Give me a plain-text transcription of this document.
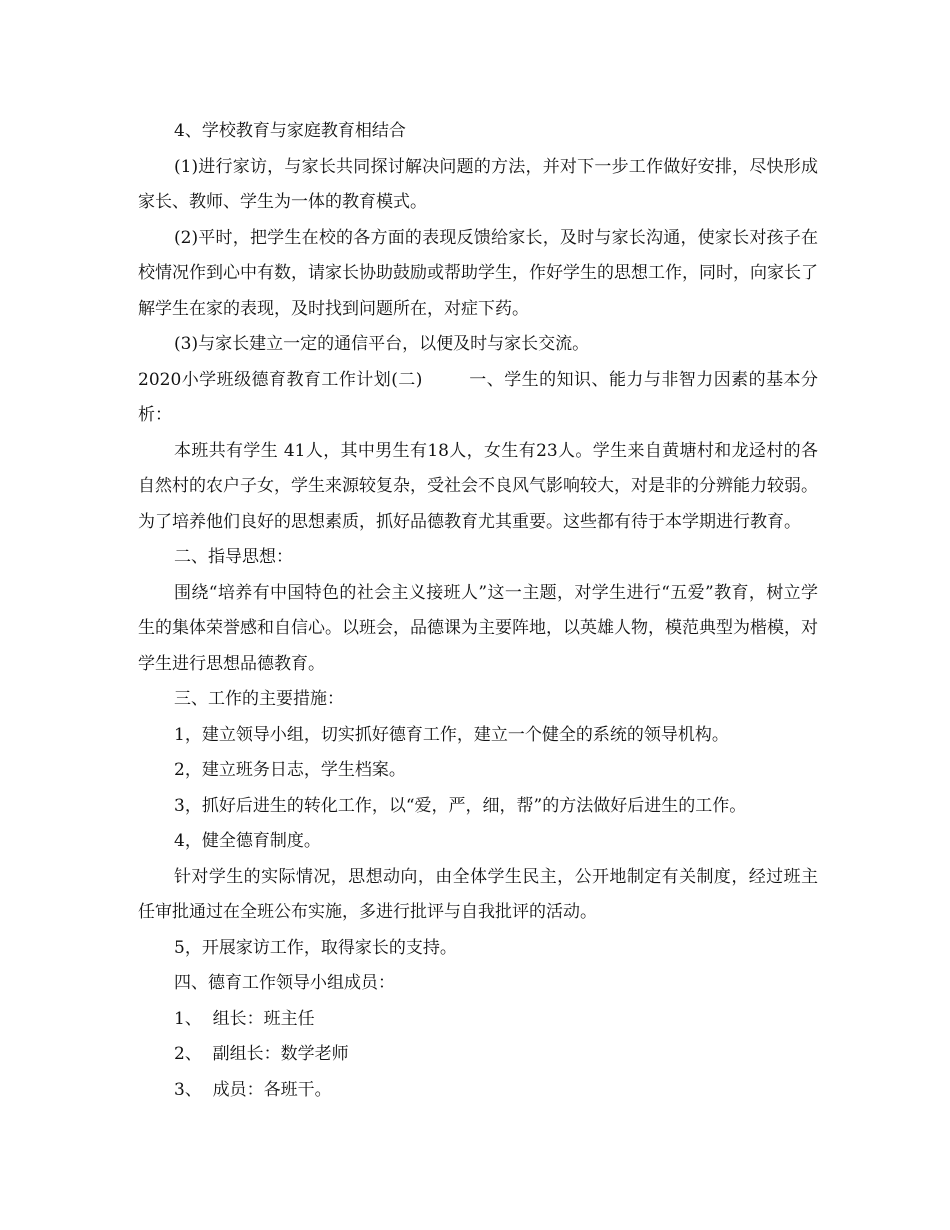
4、学校教育与家庭教育相结合

(1)进行家访，与家长共同探讨解决问题的方法，并对下一步工作做好安排，尽快形成家长、教师、学生为一体的教育模式。

(2)平时，把学生在校的各方面的表现反馈给家长，及时与家长沟通，使家长对孩子在校情况作到心中有数，请家长协助鼓励或帮助学生，作好学生的思想工作，同时，向家长了解学生在家的表现，及时找到问题所在，对症下药。

(3)与家长建立一定的通信平台，以便及时与家长交流。

2020小学班级德育教育工作计划(二)        一、学生的知识、能力与非智力因素的基本分析：

本班共有学生 41人，其中男生有18人，女生有23人。学生来自黄塘村和龙迳村的各自然村的农户子女，学生来源较复杂，受社会不良风气影响较大，对是非的分辨能力较弱。为了培养他们良好的思想素质，抓好品德教育尤其重要。这些都有待于本学期进行教育。

二、指导思想：

围绕“培养有中国特色的社会主义接班人”这一主题，对学生进行“五爱”教育，树立学生的集体荣誉感和自信心。以班会，品德课为主要阵地，以英雄人物，模范典型为楷模，对学生进行思想品德教育。

三、工作的主要措施：

1，建立领导小组，切实抓好德育工作，建立一个健全的系统的领导机构。

2，建立班务日志，学生档案。

3，抓好后进生的转化工作，以“爱，严，细，帮”的方法做好后进生的工作。

4，健全德育制度。

针对学生的实际情况，思想动向，由全体学生民主，公开地制定有关制度，经过班主任审批通过在全班公布实施，多进行批评与自我批评的活动。

5，开展家访工作，取得家长的支持。

四、德育工作领导小组成员：

1、  组长：班主任

2、  副组长：数学老师

3、  成员：各班干。
